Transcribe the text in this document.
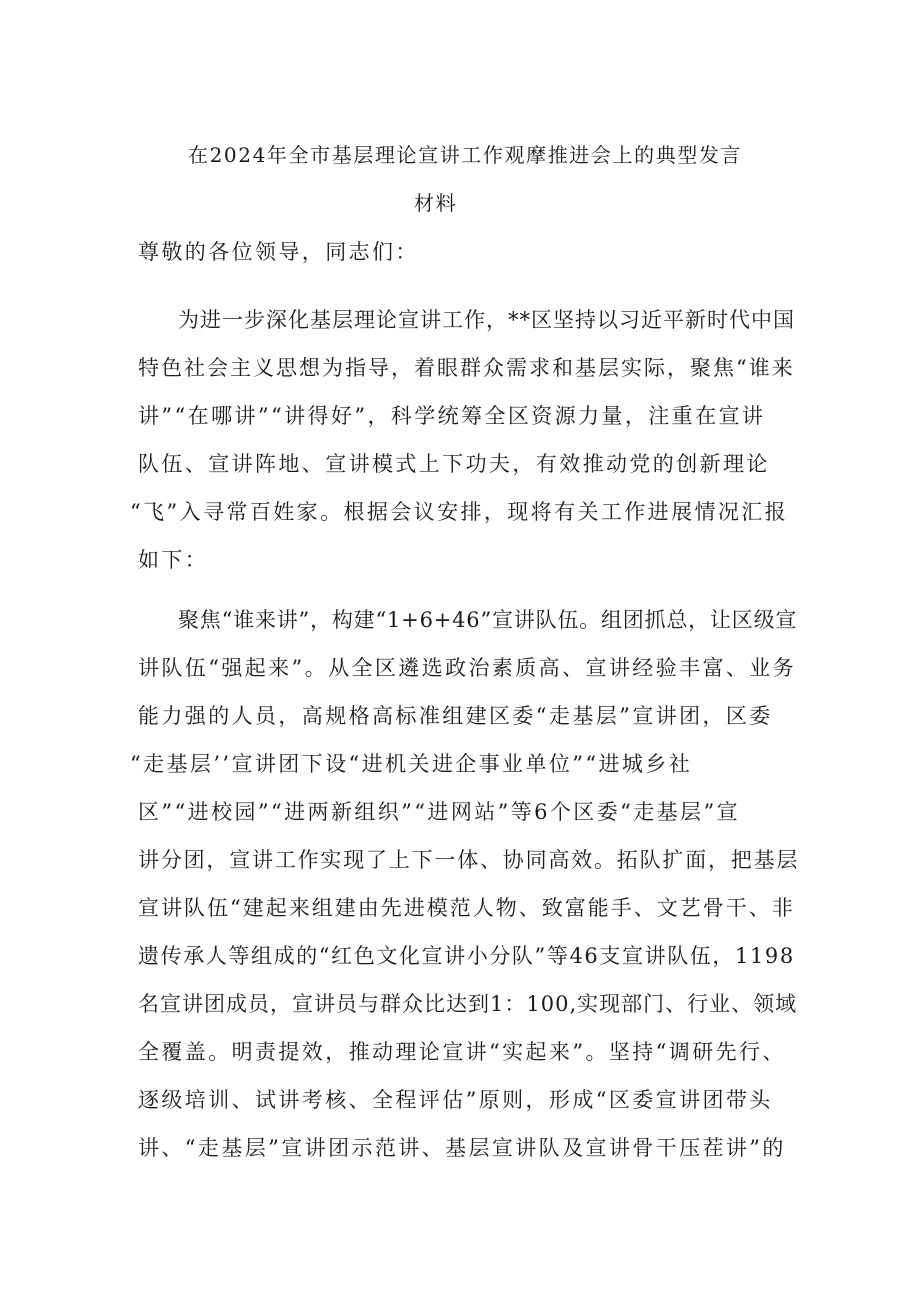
在2024年全市基层理论宣讲工作观摩推进会上的典型发言
材料
尊敬的各位领导，同志们：
为进一步深化基层理论宣讲工作，**区坚持以习近平新时代中国
特色社会主义思想为指导，着眼群众需求和基层实际，聚焦“谁来
讲”“在哪讲”“讲得好”，科学统筹全区资源力量，注重在宣讲
队伍、宣讲阵地、宣讲模式上下功夫，有效推动党的创新理论
“飞”入寻常百姓家。根据会议安排，现将有关工作进展情况汇报
如下：
聚焦“谁来讲”，构建“1+6+46”宣讲队伍。组团抓总，让区级宣
讲队伍“强起来”。从全区遴选政治素质高、宣讲经验丰富、业务
能力强的人员，高规格高标准组建区委“走基层”宣讲团，区委
“走基层’’宣讲团下设“进机关进企事业单位”“进城乡社
区”“进校园”“进两新组织”“进网站”等6个区委“走基层”宣
讲分团，宣讲工作实现了上下一体、协同高效。拓队扩面，把基层
宣讲队伍“建起来组建由先进模范人物、致富能手、文艺骨干、非
遗传承人等组成的“红色文化宣讲小分队”等46支宣讲队伍，1198
名宣讲团成员，宣讲员与群众比达到1：100,实现部门、行业、领域
全覆盖。明责提效，推动理论宣讲“实起来”。坚持“调研先行、
逐级培训、试讲考核、全程评估”原则，形成“区委宣讲团带头
讲、“走基层”宣讲团示范讲、基层宣讲队及宣讲骨干压茬讲”的
